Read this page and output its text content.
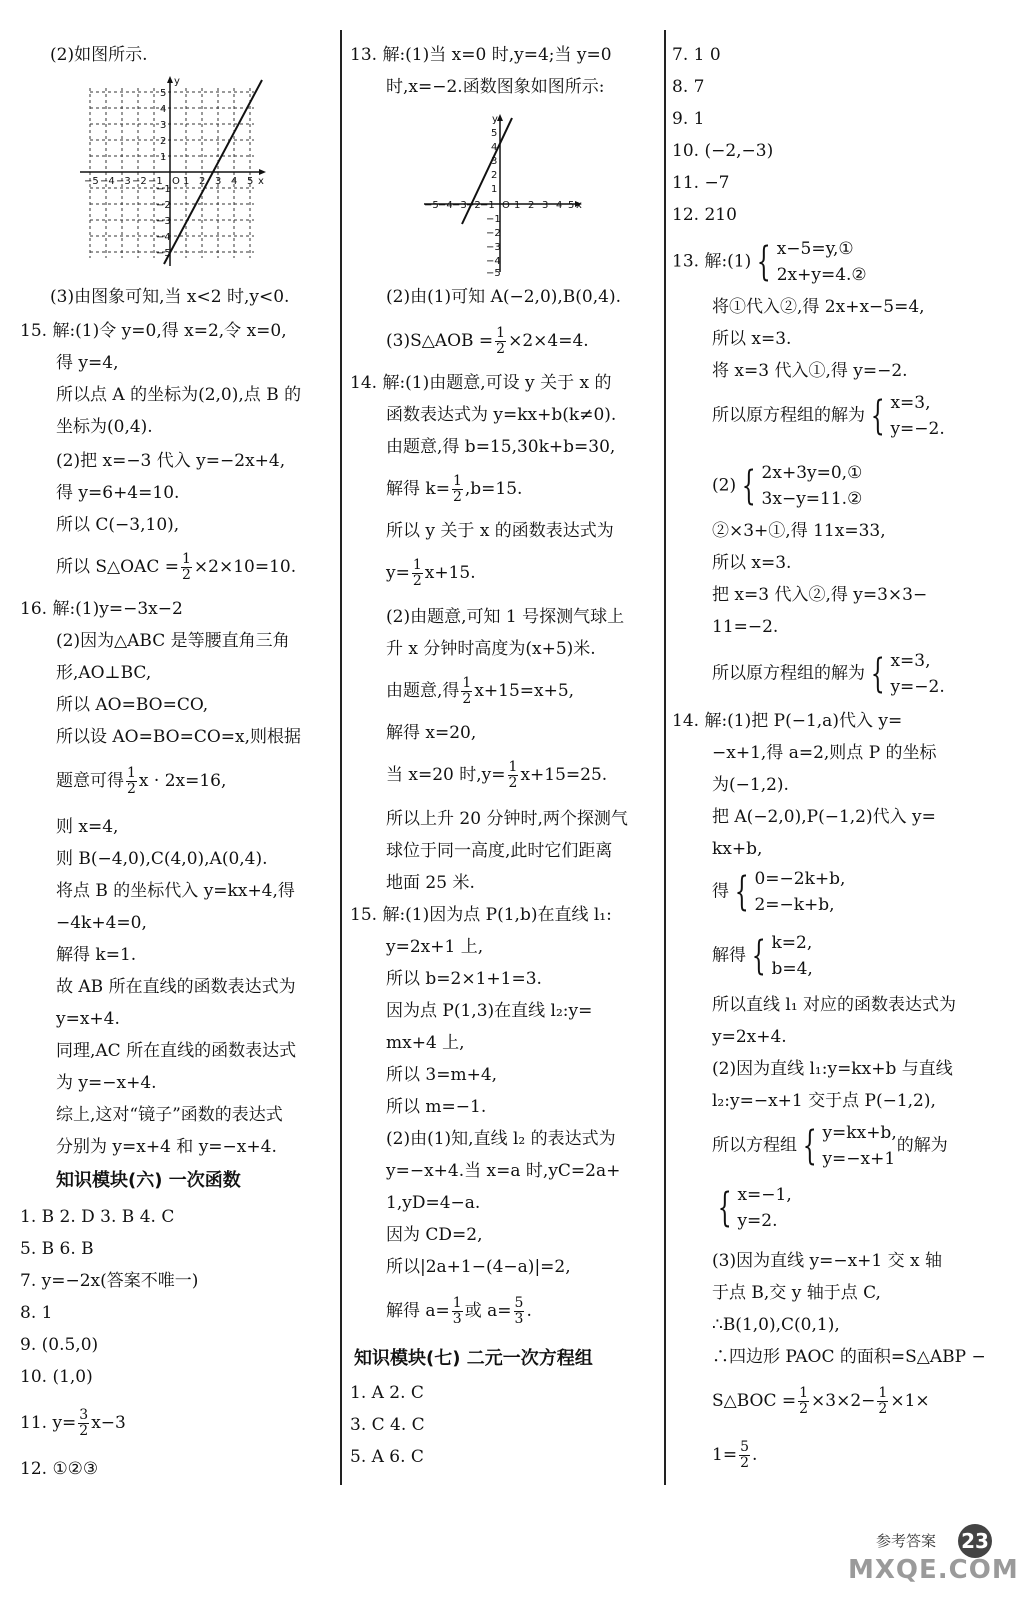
(2)如图所示.
−5 −4 −3 −2 −1 O 1 2 3 4 5 x
y
5
4
3
2
1
−1
−2
−3
−4
−5
(3)由图象可知,当 x<2 时,y<0.
15. 解:(1)令 y=0,得 x=2,令 x=0,
得 y=4,
所以点 A 的坐标为(2,0),点 B 的
坐标为(0,4).
(2)把 x=−3 代入 y=−2x+4,
得 y=6+4=10.
所以 C(−3,10),
所以 S△OAC = $\frac{1}{2} \times 2\times 10=10$.
16. 解:(1)y=−3x−2
(2)因为△ABC 是等腰直角三角
形,AO⊥BC,
所以 AO=BO=CO,
所以设 AO=BO=CO=x,则根据
题意可得 $\frac{1}{2}$ x · 2x=16,
则 x=4,
则 B(−4,0),C(4,0),A(0,4).
将点 B 的坐标代入 y=kx+4,得
−4k+4=0,
解得 k=1.
故 AB 所在直线的函数表达式为
y=x+4.
同理,AC 所在直线的函数表达式
为 y=−x+4.
综上,这对“镜子”函数的表达式
分别为 y=x+4 和 y=−x+4.
知识模块(六) 一次函数
1. B 2. D 3. B 4. C
5. B 6. B
7. y=−2x(答案不唯一)
8. 1
9. (0.5,0)
10. (1,0)
11. $y= \frac{3}{2} x-3$
12. ①②③
13. 解:(1)当 x=0 时,y=4;当 y=0
时,x=−2.函数图象如图所示:
−5 −4 −3 −2 −1 O 1 2 3 4 5 x
y
5
4
3
2
1
−1
−2
−3
−4
−5
(2)由(1)可知 A(−2,0),B(0,4).
(3)S△AOB = $\frac{1}{2} \times 2\times 4=4$.
14. 解:(1)由题意,可设 y 关于 x 的
函数表达式为 y=kx+b(k≠0).
由题意,得 b=15,30k+b=30,
解得 $k= \frac{1}{2} ,b=15$.
所以 y 关于 x 的函数表达式为
$y= \frac{1}{2} x+15$.
(2)由题意,可知 1 号探测气球上
升 x 分钟时高度为(x+5)米.
由题意,得 $\frac{1}{2} x+15=x+5$,
解得 x=20,
当 x=20 时$,y= \frac{1}{2} x+15=25$.
所以上升 20 分钟时,两个探测气
球位于同一高度,此时它们距离
地面 25 米.
15. 解:(1)因为点 P(1,b)在直线 l₁:
y=2x+1 上,
所以 b=2×1+1=3.
因为点 P(1,3)在直线 l₂:y=
mx+4 上,
所以 3=m+4,
所以 m=−1.
(2)由(1)知,直线 l₂ 的表达式为
y=−x+4.当 x=a 时,yC=2a+
1,yD=4−a.
因为 CD=2,
所以|2a+1−(4−a)|=2,
解得 $a= \frac{1}{3}$ 或 $a= \frac{5}{3}$ .
知识模块(七) 二元一次方程组
1. A 2. C
3. C 4. C
5. A 6. C
7. 1 0
8. 7
9. 1
10. (−2,−3)
11. −7
12. 210
13. 解:(1) { x−5=y,①
2x+y=4.②
将①代入②,得 2x+x−5=4,
所以 x=3.
将 x=3 代入①,得 y=−2.
所以原方程组的解为 { x=3,
y=−2.
(2) { 2x+3y=0,①
3x−y=11.②
②×3+①,得 11x=33,
所以 x=3.
把 x=3 代入②,得 y=3×3−
11=−2.
所以原方程组的解为 { x=3,
y=−2.
14. 解:(1)把 P(−1,a)代入 y=
−x+1,得 a=2,则点 P 的坐标
为(−1,2).
把 A(−2,0),P(−1,2)代入 y=
kx+b,
得 { 0=−2k+b,
2=−k+b,
解得 { k=2,
b=4,
所以直线 l₁ 对应的函数表达式为
y=2x+4.
(2)因为直线 l₁:y=kx+b 与直线
l₂:y=−x+1 交于点 P(−1,2),
所以方程组 { y=kx+b,
y=−x+1的解为
{ x=−1,
y=2.
(3)因为直线 y=−x+1 交 x 轴
于点 B,交 y 轴于点 C,
∴B(1,0),C(0,1),
∴四边形 PAOC 的面积=S△ABP −
S△BOC = $\frac{1}{2} \times 3\times 2- \frac{1}{2} \times 1\times$
$1= \frac{5}{2}$ .
参考答案 23
MXQE.COM
